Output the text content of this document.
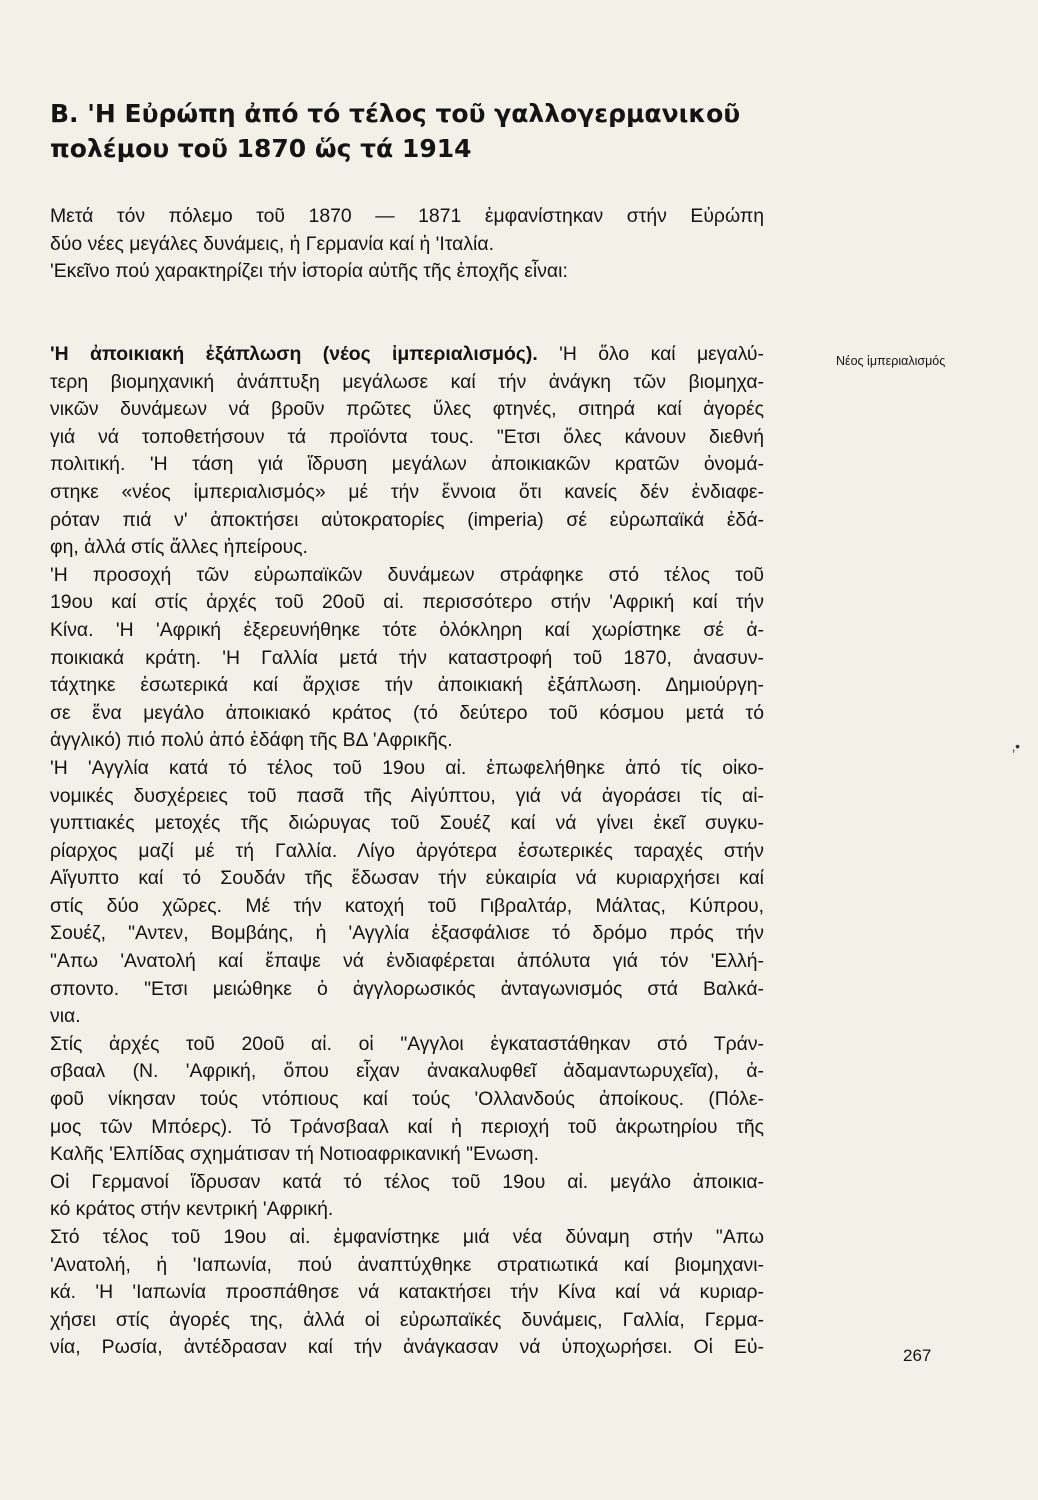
Β. 'Η Εὐρώπη ἀπό τό τέλος τοῦ γαλλογερμανικοῦ
πολέμου τοῦ 1870 ὥς τά 1914
Μετά τόν πόλεμο τοῦ 1870 — 1871 ἐμφανίστηκαν στήν Εὐρώπη
δύο νέες μεγάλες δυνάμεις, ἡ Γερμανία καί ἡ 'Ιταλία.
'Εκεῖνο πού χαρακτηρίζει τήν ἱστορία αὐτῆς τῆς ἐποχῆς εἶναι:
'Η ἀποικιακή ἐξάπλωση (νέος ἰμπεριαλισμός). 'Η ὅλο καί μεγαλύ-
τερη βιομηχανική ἀνάπτυξη μεγάλωσε καί τήν ἀνάγκη τῶν βιομηχα-
νικῶν δυνάμεων νά βροῦν πρῶτες ὕλες φτηνές, σιτηρά καί ἀγορές
γιά νά τοποθετήσουν τά προϊόντα τους. "Ετσι ὅλες κάνουν διεθνή
πολιτική. 'Η τάση γιά ἵδρυση μεγάλων ἀποικιακῶν κρατῶν ὀνομά-
στηκε «νέος ἰμπεριαλισμός» μέ τήν ἔννοια ὅτι κανείς δέν ἐνδιαφε-
ρόταν πιά ν' ἀποκτήσει αὐτοκρατορίες (imperia) σέ εὐρωπαϊκά ἐδά-
φη, ἀλλά στίς ἄλλες ἠπείρους.
'Η προσοχή τῶν εὐρωπαϊκῶν δυνάμεων στράφηκε στό τέλος τοῦ
19ου καί στίς ἀρχές τοῦ 20οῦ αἰ. περισσότερο στήν 'Αφρική καί τήν
Κίνα. 'Η 'Αφρική ἐξερευνήθηκε τότε ὁλόκληρη καί χωρίστηκε σέ ἀ-
ποικιακά κράτη. 'Η Γαλλία μετά τήν καταστροφή τοῦ 1870, ἀνασυν-
τάχτηκε ἐσωτερικά καί ἄρχισε τήν ἀποικιακή ἐξάπλωση. Δημιούργη-
σε ἕνα μεγάλο ἀποικιακό κράτος (τό δεύτερο τοῦ κόσμου μετά τό
ἀγγλικό) πιό πολύ ἀπό ἐδάφη τῆς ΒΔ 'Αφρικῆς.
'Η 'Αγγλία κατά τό τέλος τοῦ 19ου αἰ. ἐπωφελήθηκε ἀπό τίς οἰκο-
νομικές δυσχέρειες τοῦ πασᾶ τῆς Αἰγύπτου, γιά νά ἀγοράσει τίς αἰ-
γυπτιακές μετοχές τῆς διώρυγας τοῦ Σουέζ καί νά γίνει ἐκεῖ συγκυ-
ρίαρχος μαζί μέ τή Γαλλία. Λίγο ἀργότερα ἐσωτερικές ταραχές στήν
Αἴγυπτο καί τό Σουδάν τῆς ἔδωσαν τήν εὐκαιρία νά κυριαρχήσει καί
στίς δύο χῶρες. Μέ τήν κατοχή τοῦ Γιβραλτάρ, Μάλτας, Κύπρου,
Σουέζ, "Αντεν, Βομβάης, ἡ 'Αγγλία ἐξασφάλισε τό δρόμο πρός τήν
"Απω 'Ανατολή καί ἔπαψε νά ἐνδιαφέρεται ἀπόλυτα γιά τόν 'Ελλή-
σποντο. "Ετσι μειώθηκε ὁ ἀγγλορωσικός ἀνταγωνισμός στά Βαλκά-
νια.
Στίς ἀρχές τοῦ 20οῦ αἰ. οἱ "Αγγλοι ἐγκαταστάθηκαν στό Τράν-
σβααλ (Ν. 'Αφρική, ὅπου εἶχαν ἀνακαλυφθεῖ ἀδαμαντωρυχεῖα), ἀ-
φοῦ νίκησαν τούς ντόπιους καί τούς 'Ολλανδούς ἀποίκους. (Πόλε-
μος τῶν Μπόερς). Τό Τράνσβααλ καί ἡ περιοχή τοῦ ἀκρωτηρίου τῆς
Καλῆς 'Ελπίδας σχημάτισαν τή Νοτιοαφρικανική "Ενωση.
Οἱ Γερμανοί ἵδρυσαν κατά τό τέλος τοῦ 19ου αἰ. μεγάλο ἀποικια-
κό κράτος στήν κεντρική 'Αφρική.
Στό τέλος τοῦ 19ου αἰ. ἐμφανίστηκε μιά νέα δύναμη στήν "Απω
'Ανατολή, ἡ 'Ιαπωνία, πού ἀναπτύχθηκε στρατιωτικά καί βιομηχανι-
κά. 'Η 'Ιαπωνία προσπάθησε νά κατακτήσει τήν Κίνα καί νά κυριαρ-
χήσει στίς ἀγορές της, ἀλλά οἱ εὐρωπαϊκές δυνάμεις, Γαλλία, Γερμα-
νία, Ρωσία, ἀντέδρασαν καί τήν ἀνάγκασαν νά ὑποχωρήσει. Οἱ Εὐ-
Νέος ἰμπεριαλισμός
‚•
267
